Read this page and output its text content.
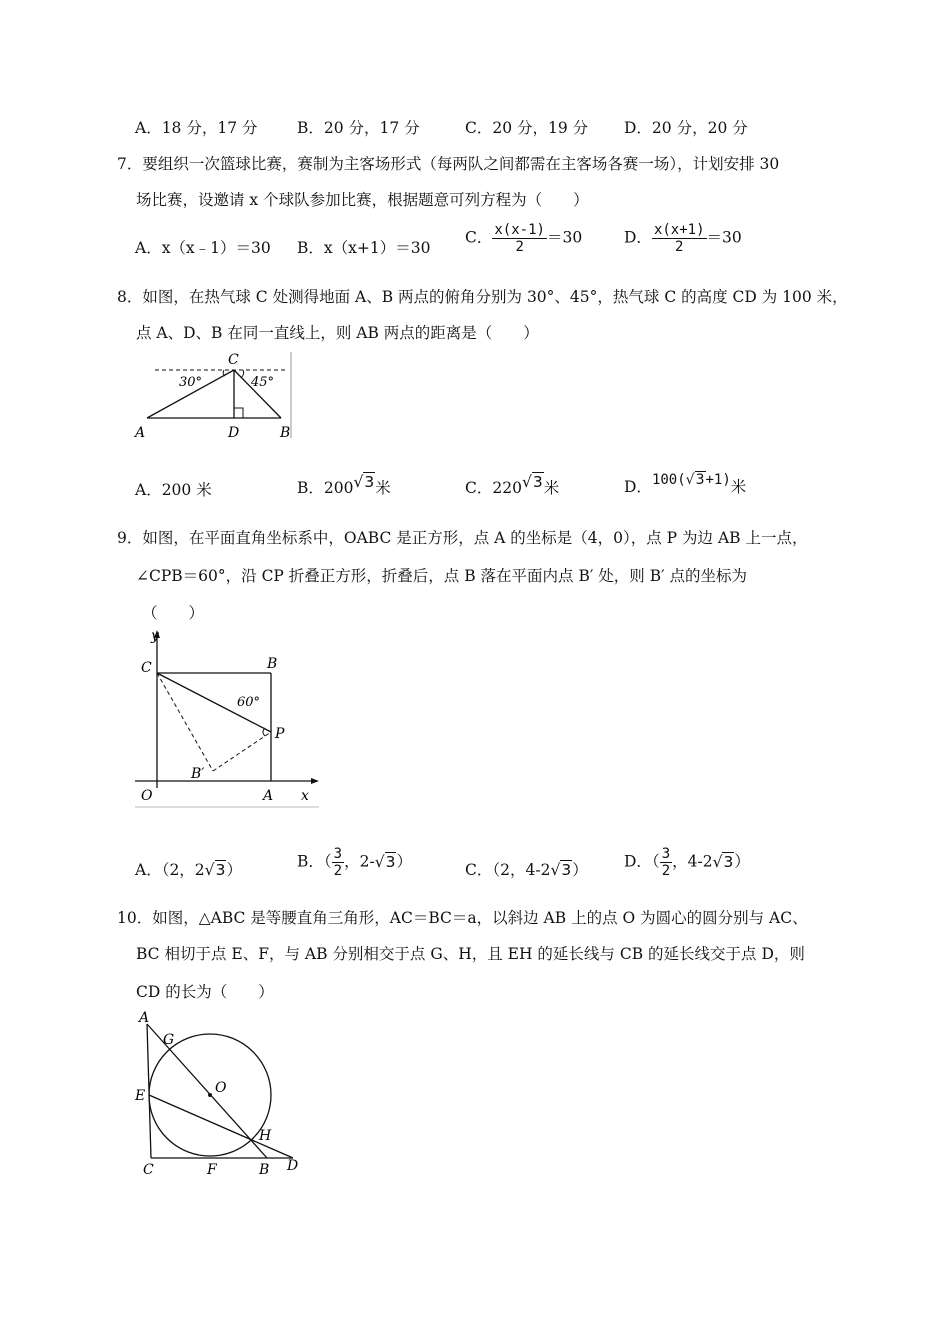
A．18 分，17 分	B．20 分，17 分	C．20 分，19 分 D．20 分，20 分
7．要组织一次篮球比赛，赛制为主客场形式（每两队之间都需在主客场各赛一场），计划安排 30
场比赛，设邀请 x 个球队参加比赛，根据题意可列方程为（　　）
A．x（x﹣1）＝30 B．x（x+1）＝30
C． $\frac{x(x-1)}{2} =30$	D． $\frac{x(x+1)}{2} =30$
8．如图，在热气球 C 处测得地面 A、B 两点的俯角分别为 30°、45°，热气球 C 的高度 CD 为 100 米，
点 A、D、B 在同一直线上，则 AB 两点的距离是（　　）
C
30°	45°
A	D	B
A．200 米	B．200√3米	C．220√3米	D．100(√3+1)米
9．如图，在平面直角坐标系中，OABC 是正方形，点 A 的坐标是（4，0），点 P 为边 AB 上一点，
∠CPB＝60°，沿 CP 折叠正方形，折叠后，点 B 落在平面内点 B′ 处，则 B′ 点的坐标为
（　　）
y
C	B
60°
P
B′
O	A x
A．（2，2√3）	B．（ $\frac{3}{2}$ ，2-√3）	C．（2，4-2√3） D．（ $\frac{3}{2}$ ，4-2√3）
10．如图，△ABC 是等腰直角三角形，AC＝BC＝a，以斜边 AB 上的点 O 为圆心的圆分别与 AC、
BC 相切于点 E、F，与 AB 分别相交于点 G、H，且 EH 的延长线与 CB 的延长线交于点 D，则
CD 的长为（　　）
A
G
O
E
H
C	F	B D
